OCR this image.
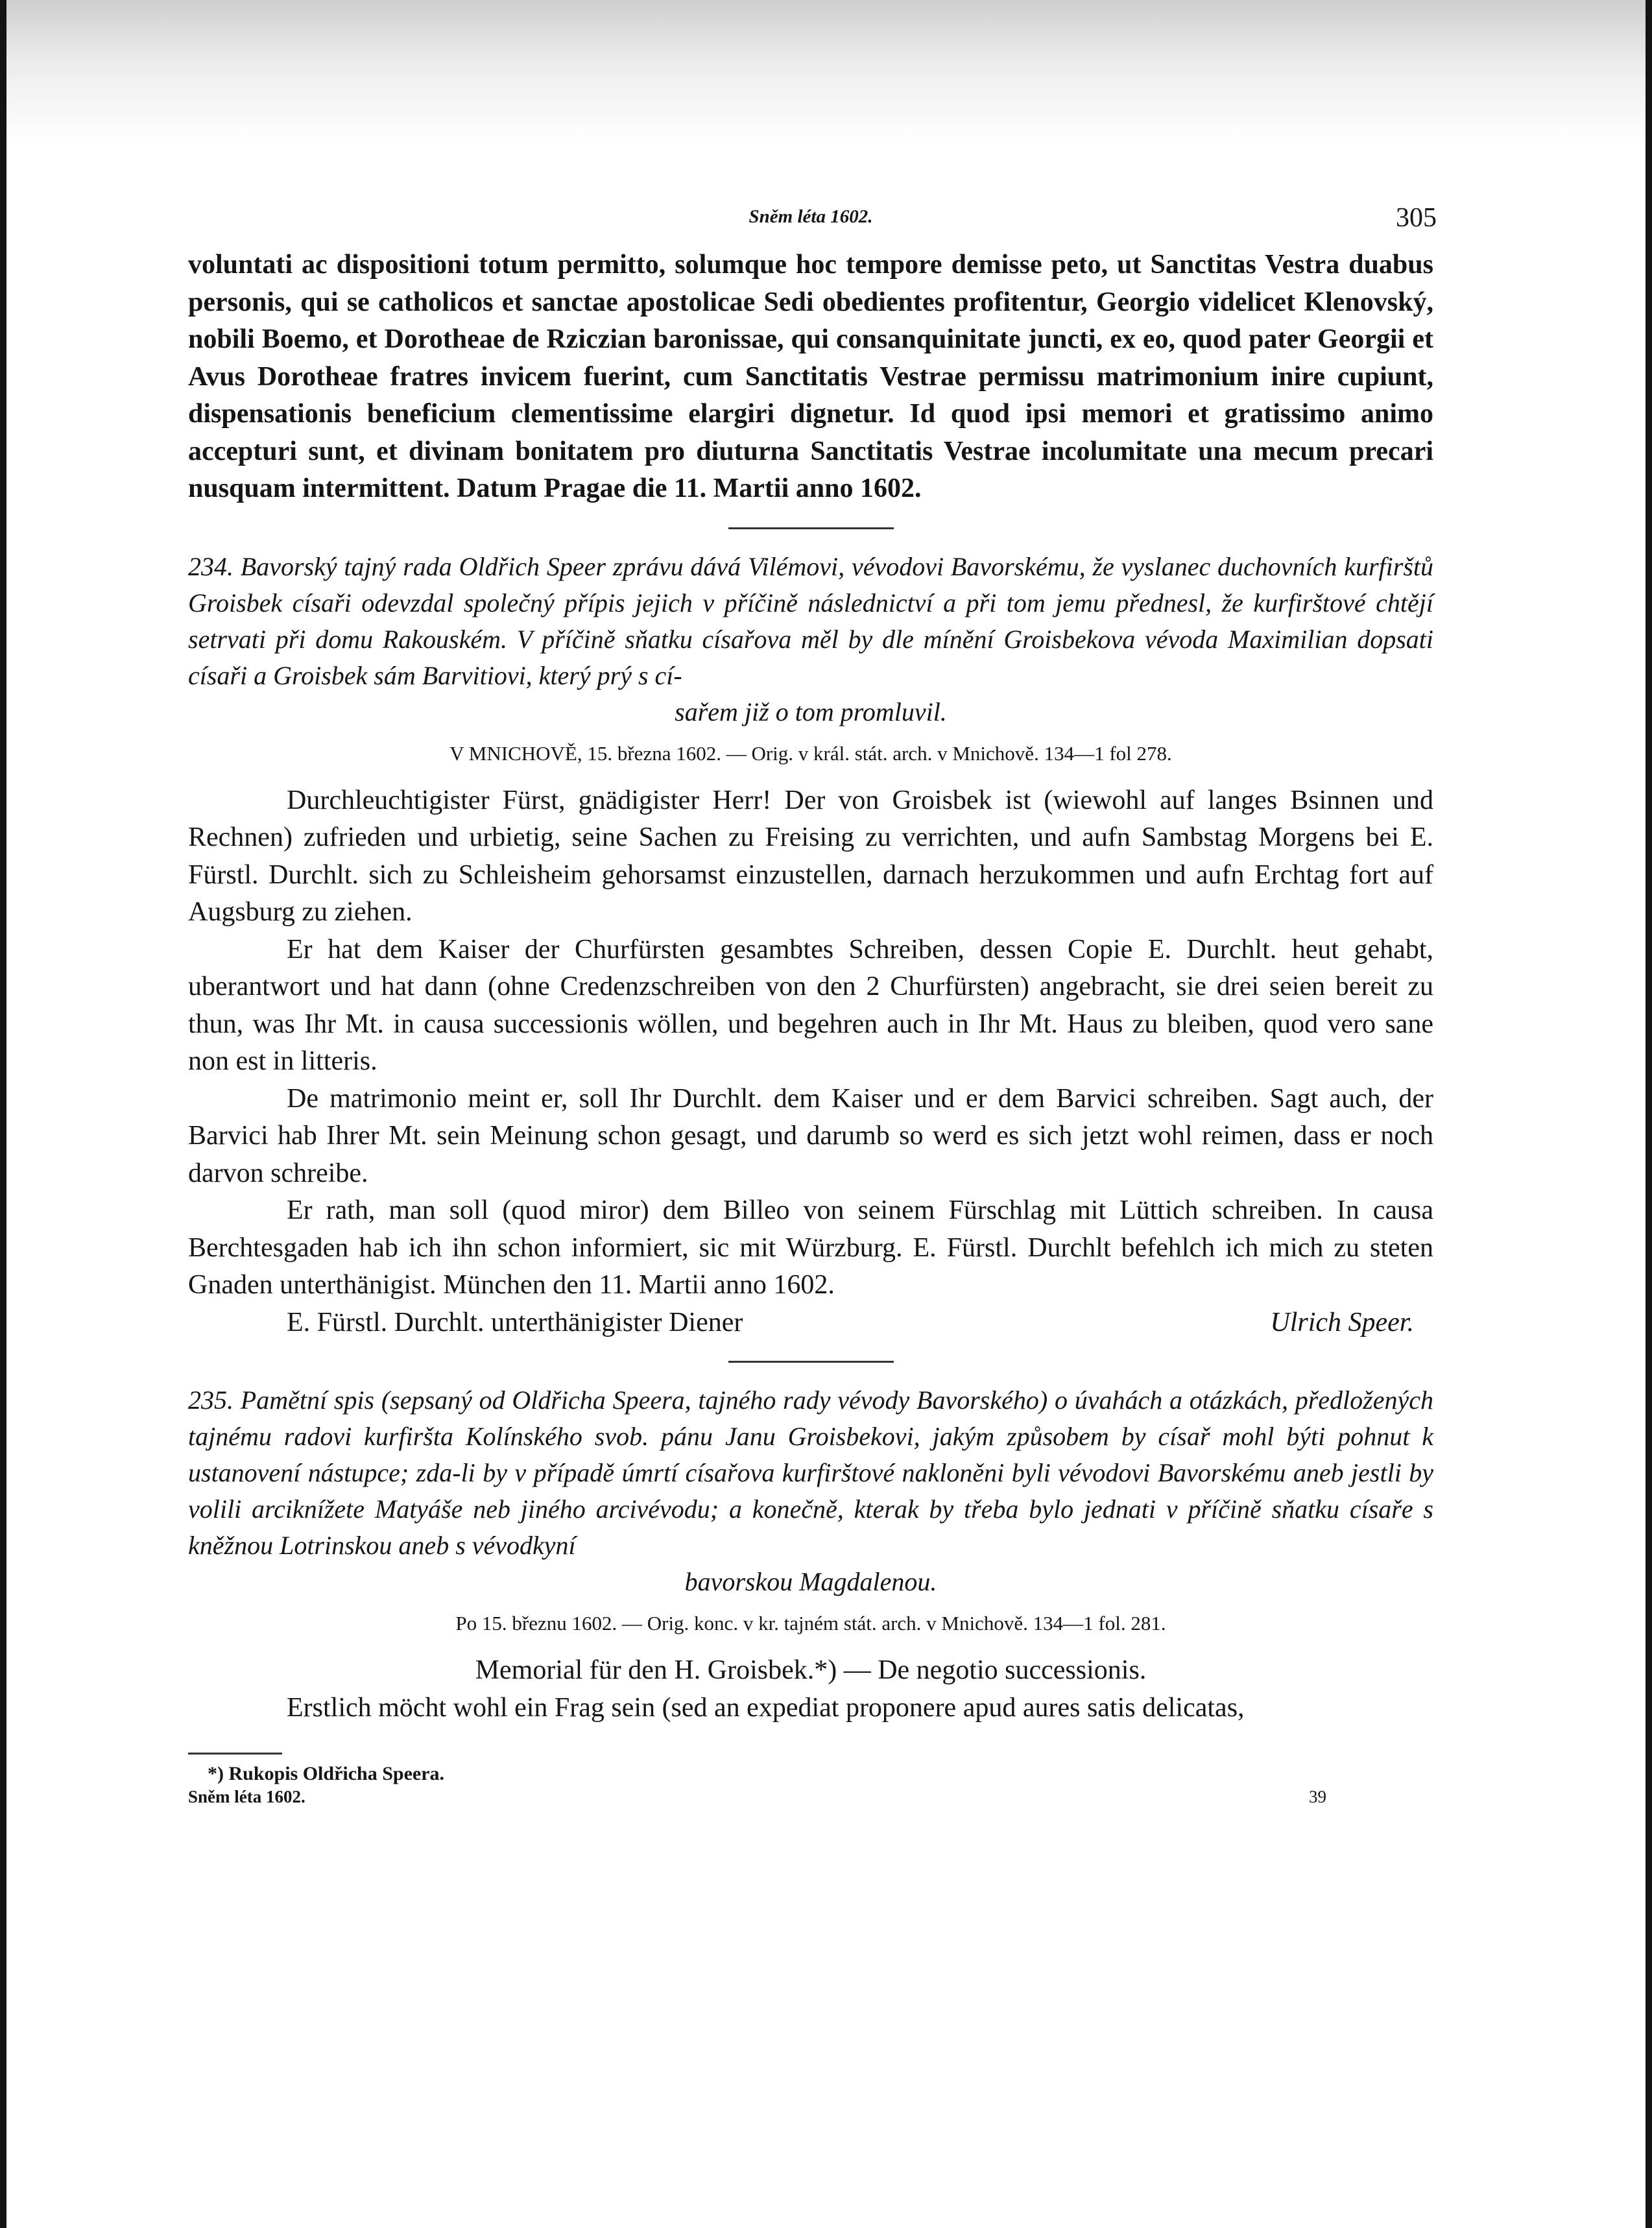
Sněm léta 1602.	305

voluntati ac dispositioni totum permitto, solumque hoc tempore demisse peto, ut Sanctitas Vestra duabus personis, qui se catholicos et sanctae apostolicae Sedi obedientes profitentur, Georgio videlicet Klenovský, nobili Boemo, et Dorotheae de Rziczian baronissae, qui consanquinitate juncti, ex eo, quod pater Georgii et Avus Dorotheae fratres invicem fuerint, cum Sanctitatis Vestrae permissu matrimonium inire cupiunt, dispensationis beneficium clementissime elargiri dignetur. Id quod ipsi memori et gratissimo animo accepturi sunt, et divinam bonitatem pro diuturna Sanctitatis Vestrae incolumitate una mecum precari nusquam intermittent. Datum Pragae die 11. Martii anno 1602.

234. Bavorský tajný rada Oldřich Speer zprávu dává Vilémovi, vévodovi Bavorskému, že vyslanec duchovních kurfirštů Groisbek císaři odevzdal společný přípis jejich v příčině následnictví a při tom jemu přednesl, že kurfirštové chtějí setrvati při domu Rakouském. V příčině sňatku císařova měl by dle mínění Groisbekova vévoda Maximilian dopsati císaři a Groisbek sám Barvitiovi, který prý s cí-

sařem již o tom promluvil.

V MNICHOVĚ, 15. března 1602. — Orig. v král. stát. arch. v Mnichově. 134—1 fol 278.

Durchleuchtigister Fürst, gnädigister Herr! Der von Groisbek ist (wiewohl auf langes Bsinnen und Rechnen) zufrieden und urbietig, seine Sachen zu Freising zu verrichten, und aufn Sambstag Morgens bei E. Fürstl. Durchlt. sich zu Schleisheim gehorsamst einzustellen, darnach herzukommen und aufn Erchtag fort auf Augsburg zu ziehen.

Er hat dem Kaiser der Churfürsten gesambtes Schreiben, dessen Copie E. Durchlt. heut gehabt, uberantwort und hat dann (ohne Credenzschreiben von den 2 Churfürsten) angebracht, sie drei seien bereit zu thun, was Ihr Mt. in causa successionis wöllen, und begehren auch in Ihr Mt. Haus zu bleiben, quod vero sane non est in litteris.

De matrimonio meint er, soll Ihr Durchlt. dem Kaiser und er dem Barvici schreiben. Sagt auch, der Barvici hab Ihrer Mt. sein Meinung schon gesagt, und darumb so werd es sich jetzt wohl reimen, dass er noch darvon schreibe.

Er rath, man soll (quod miror) dem Billeo von seinem Fürschlag mit Lüttich schreiben. In causa Berchtesgaden hab ich ihn schon informiert, sic mit Würzburg. E. Fürstl. Durchlt befehlch ich mich zu steten Gnaden unterthänigist. München den 11. Martii anno 1602.

E. Fürstl. Durchlt. unterthänigister Diener	Ulrich Speer.

235. Pamětní spis (sepsaný od Oldřicha Speera, tajného rady vévody Bavorského) o úvahách a otázkách, předložených tajnému radovi kurfiršta Kolínského svob. pánu Janu Groisbekovi, jakým způsobem by císař mohl býti pohnut k ustanovení nástupce; zda-li by v případě úmrtí císařova kurfirštové nakloněni byli vévodovi Bavorskému aneb jestli by volili arciknížete Matyáše neb jiného arcivévodu; a konečně, kterak by třeba bylo jednati v příčině sňatku císaře s kněžnou Lotrinskou aneb s vévodkyní

bavorskou Magdalenou.

Po 15. březnu 1602. — Orig. konc. v kr. tajném stát. arch. v Mnichově. 134—1 fol. 281.

Memorial für den H. Groisbek.*) — De negotio successionis.

Erstlich möcht wohl ein Frag sein (sed an expediat proponere apud aures satis delicatas,

*) Rukopis Oldřicha Speera.

Sněm léta 1602.	39
